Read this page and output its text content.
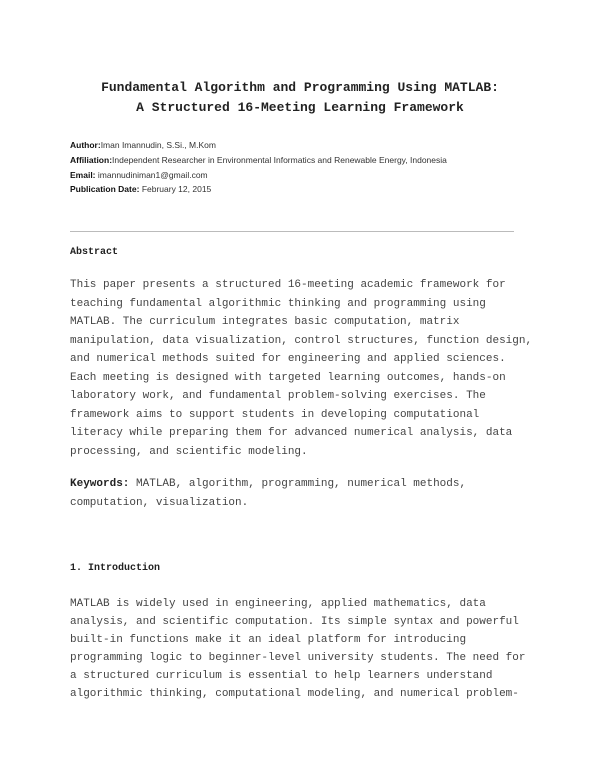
Fundamental Algorithm and Programming Using MATLAB:
A Structured 16-Meeting Learning Framework
Author:Iman Imannudin, S.Si., M.Kom
Affiliation:Independent Researcher in Environmental Informatics and Renewable Energy, Indonesia
Email: imannudiniman1@gmail.com
Publication Date: February 12, 2015
Abstract
This paper presents a structured 16-meeting academic framework for
teaching fundamental algorithmic thinking and programming using
MATLAB. The curriculum integrates basic computation, matrix
manipulation, data visualization, control structures, function design,
and numerical methods suited for engineering and applied sciences.
Each meeting is designed with targeted learning outcomes, hands-on
laboratory work, and fundamental problem-solving exercises. The
framework aims to support students in developing computational
literacy while preparing them for advanced numerical analysis, data
processing, and scientific modeling.
Keywords: MATLAB, algorithm, programming, numerical methods,
computation, visualization.
1. Introduction
MATLAB is widely used in engineering, applied mathematics, data
analysis, and scientific computation. Its simple syntax and powerful
built-in functions make it an ideal platform for introducing
programming logic to beginner-level university students. The need for
a structured curriculum is essential to help learners understand
algorithmic thinking, computational modeling, and numerical problem-
